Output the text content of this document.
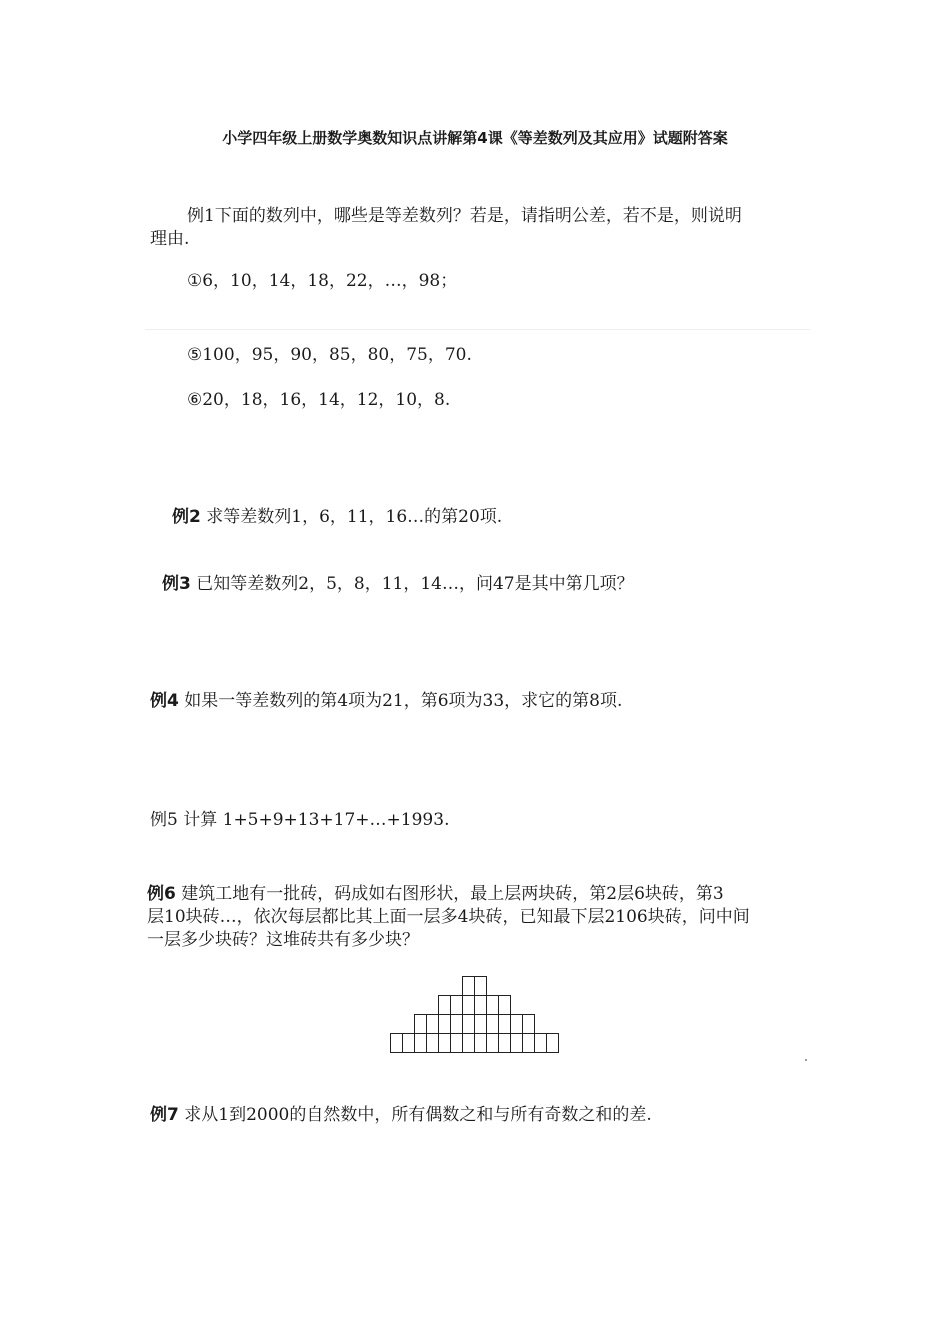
小学四年级上册数学奥数知识点讲解第4课《等差数列及其应用》试题附答案
例1下面的数列中，哪些是等差数列？若是，请指明公差，若不是，则说明
理由.
①6，10，14，18，22，…，98；
⑤100，95，90，85，80，75，70.
⑥20，18，16，14，12，10，8.
例2 求等差数列1，6，11，16…的第20项.
例3 已知等差数列2，5，8，11，14…，问47是其中第几项？
例4 如果一等差数列的第4项为21，第6项为33，求它的第8项.
例5 计算 1+5+9+13+17+…+1993.
例6 建筑工地有一批砖，码成如右图形状，最上层两块砖，第2层6块砖，第3
层10块砖…，依次每层都比其上面一层多4块砖，已知最下层2106块砖，问中间
一层多少块砖？这堆砖共有多少块？
例7 求从1到2000的自然数中，所有偶数之和与所有奇数之和的差.
